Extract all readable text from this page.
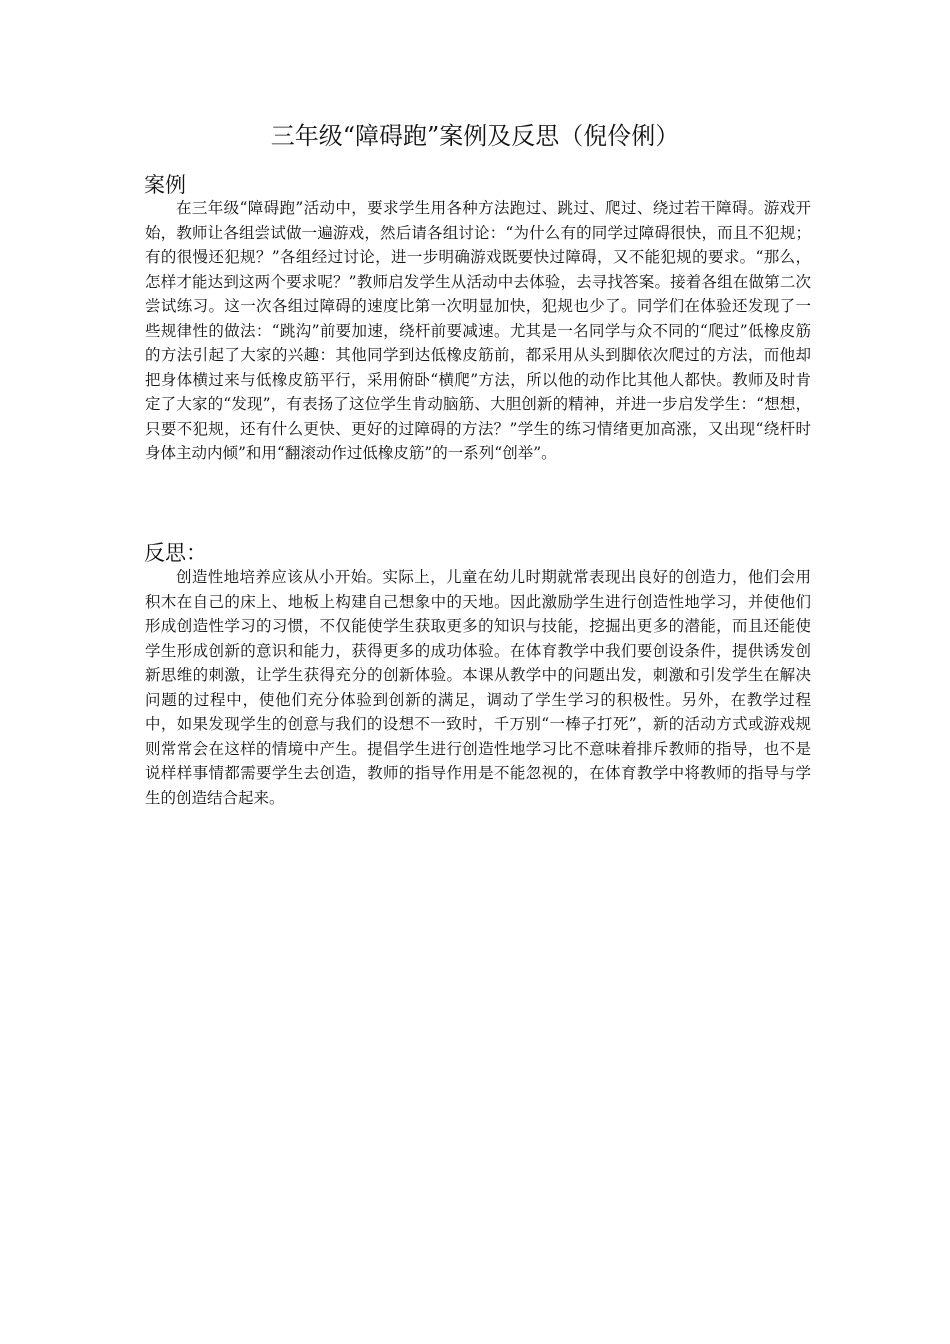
三年级“障碍跑”案例及反思（倪伶俐）
案例

在三年级“障碍跑”活动中，要求学生用各种方法跑过、跳过、爬过、绕过若干障碍。游戏开始，教师让各组尝试做一遍游戏，然后请各组讨论：“为什么有的同学过障碍很快，而且不犯规；有的很慢还犯规？”各组经过讨论，进一步明确游戏既要快过障碍，又不能犯规的要求。“那么，怎样才能达到这两个要求呢？”教师启发学生从活动中去体验，去寻找答案。接着各组在做第二次尝试练习。这一次各组过障碍的速度比第一次明显加快，犯规也少了。同学们在体验还发现了一些规律性的做法：“跳沟”前要加速，绕杆前要减速。尤其是一名同学与众不同的“爬过”低橡皮筋的方法引起了大家的兴趣：其他同学到达低橡皮筋前，都采用从头到脚依次爬过的方法，而他却把身体横过来与低橡皮筋平行，采用俯卧“横爬”方法，所以他的动作比其他人都快。教师及时肯定了大家的“发现”，有表扬了这位学生肯动脑筋、大胆创新的精神，并进一步启发学生：“想想，只要不犯规，还有什么更快、更好的过障碍的方法？”学生的练习情绪更加高涨，又出现“绕杆时身体主动内倾”和用“翻滚动作过低橡皮筋”的一系列“创举”。

反思：

创造性地培养应该从小开始。实际上，儿童在幼儿时期就常表现出良好的创造力，他们会用积木在自己的床上、地板上构建自己想象中的天地。因此激励学生进行创造性地学习，并使他们形成创造性学习的习惯，不仅能使学生获取更多的知识与技能，挖掘出更多的潜能，而且还能使学生形成创新的意识和能力，获得更多的成功体验。在体育教学中我们要创设条件，提供诱发创新思维的刺激，让学生获得充分的创新体验。本课从教学中的问题出发，刺激和引发学生在解决问题的过程中，使他们充分体验到创新的满足，调动了学生学习的积极性。另外，在教学过程中，如果发现学生的创意与我们的设想不一致时，千万别“一棒子打死”，新的活动方式或游戏规则常常会在这样的情境中产生。提倡学生进行创造性地学习比不意味着排斥教师的指导，也不是说样样事情都需要学生去创造，教师的指导作用是不能忽视的，在体育教学中将教师的指导与学生的创造结合起来。
